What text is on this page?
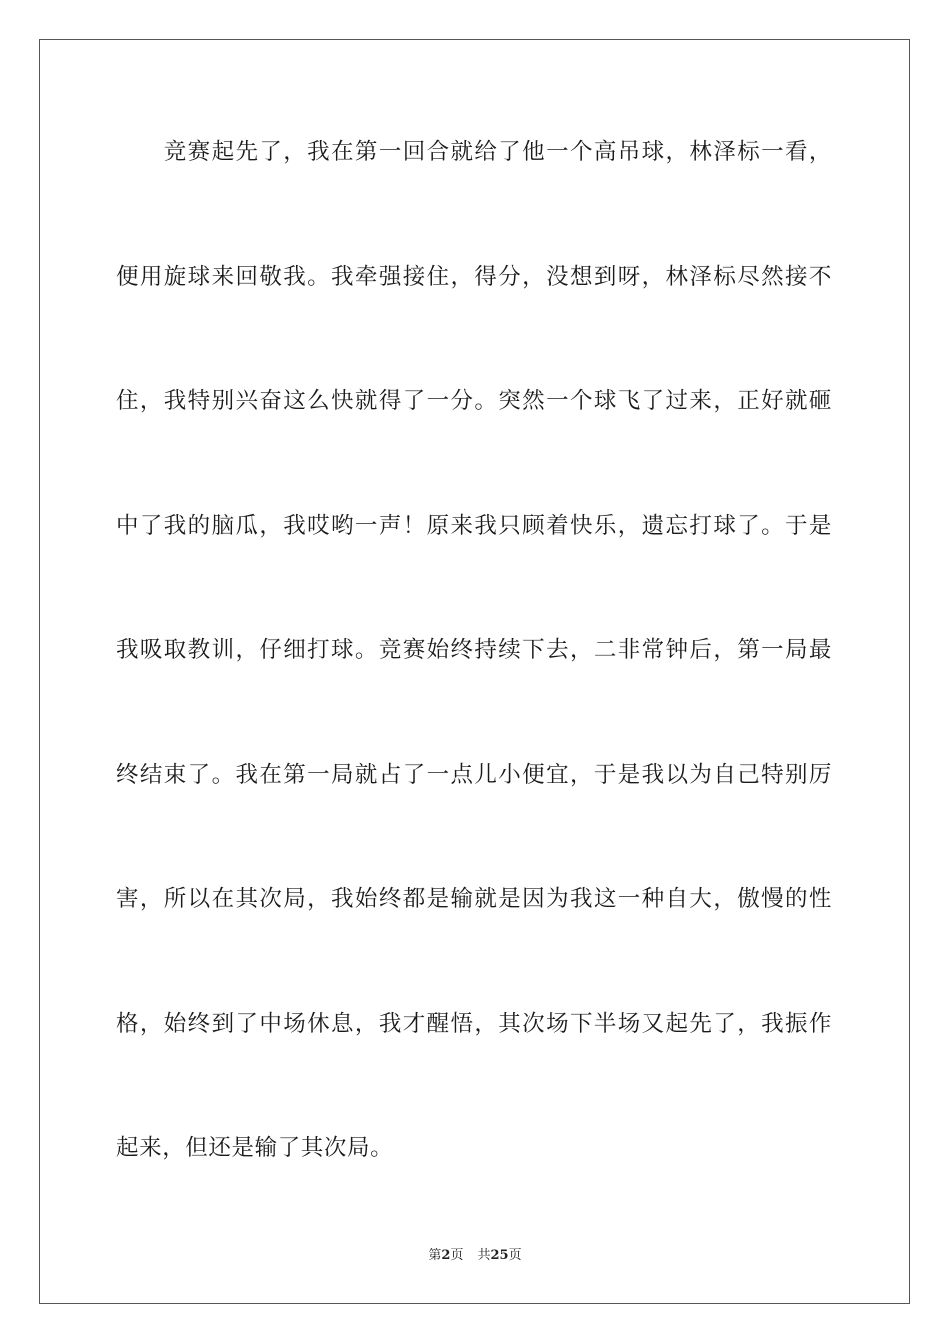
　　竞赛起先了，我在第一回合就给了他一个高吊球，林泽标一看，
便用旋球来回敬我。我牵强接住，得分，没想到呀，林泽标尽然接不
住，我特别兴奋这么快就得了一分。突然一个球飞了过来，正好就砸
中了我的脑瓜，我哎哟一声！原来我只顾着快乐，遗忘打球了。于是
我吸取教训，仔细打球。竞赛始终持续下去，二非常钟后，第一局最
终结束了。我在第一局就占了一点儿小便宜，于是我以为自己特别厉
害，所以在其次局，我始终都是输就是因为我这一种自大，傲慢的性
格，始终到了中场休息，我才醒悟，其次场下半场又起先了，我振作
起来，但还是输了其次局。
第2页 共25页
